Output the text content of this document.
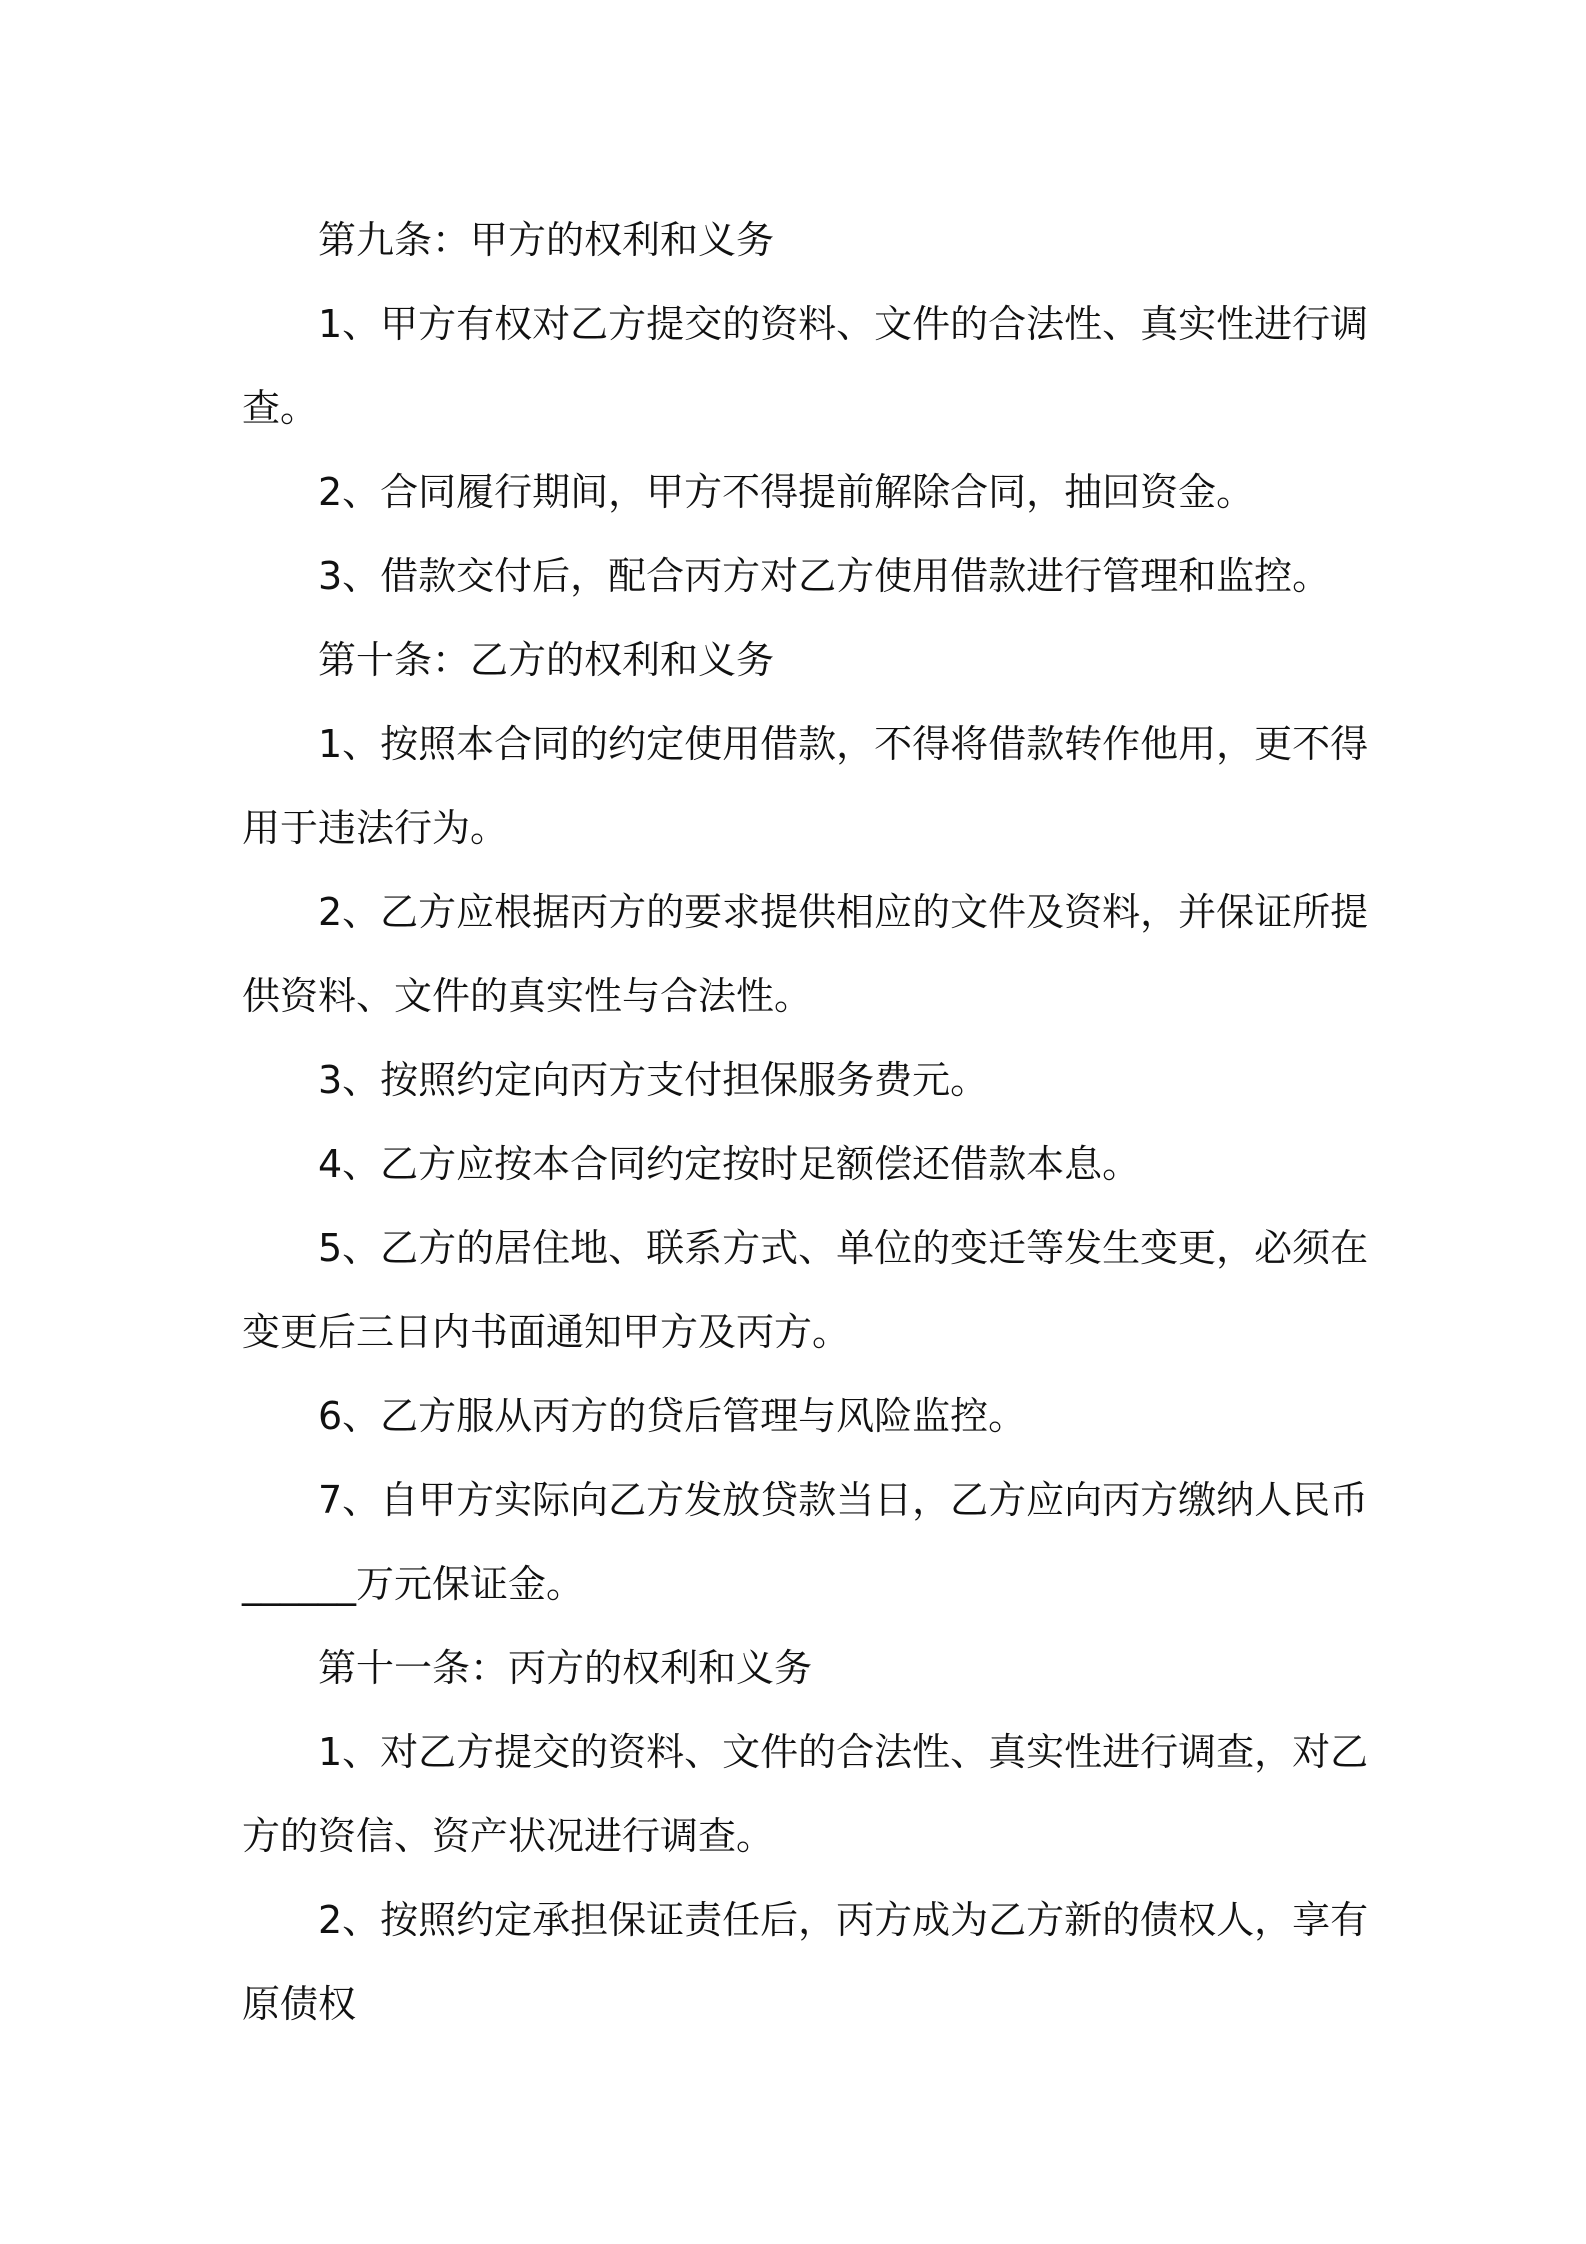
第九条：甲方的权利和义务

1、甲方有权对乙方提交的资料、文件的合法性、真实性进行调

查。

2、合同履行期间，甲方不得提前解除合同，抽回资金。

3、借款交付后，配合丙方对乙方使用借款进行管理和监控。

第十条：乙方的权利和义务

1、按照本合同的约定使用借款，不得将借款转作他用，更不得

用于违法行为。

2、乙方应根据丙方的要求提供相应的文件及资料，并保证所提

供资料、文件的真实性与合法性。

3、按照约定向丙方支付担保服务费元。

4、乙方应按本合同约定按时足额偿还借款本息。

5、乙方的居住地、联系方式、单位的变迁等发生变更，必须在

变更后三日内书面通知甲方及丙方。

6、乙方服从丙方的贷后管理与风险监控。

7、自甲方实际向乙方发放贷款当日，乙方应向丙方缴纳人民币

______万元保证金。

第十一条：丙方的权利和义务

1、对乙方提交的资料、文件的合法性、真实性进行调查，对乙

方的资信、资产状况进行调查。

2、按照约定承担保证责任后，丙方成为乙方新的债权人，享有

原债权
